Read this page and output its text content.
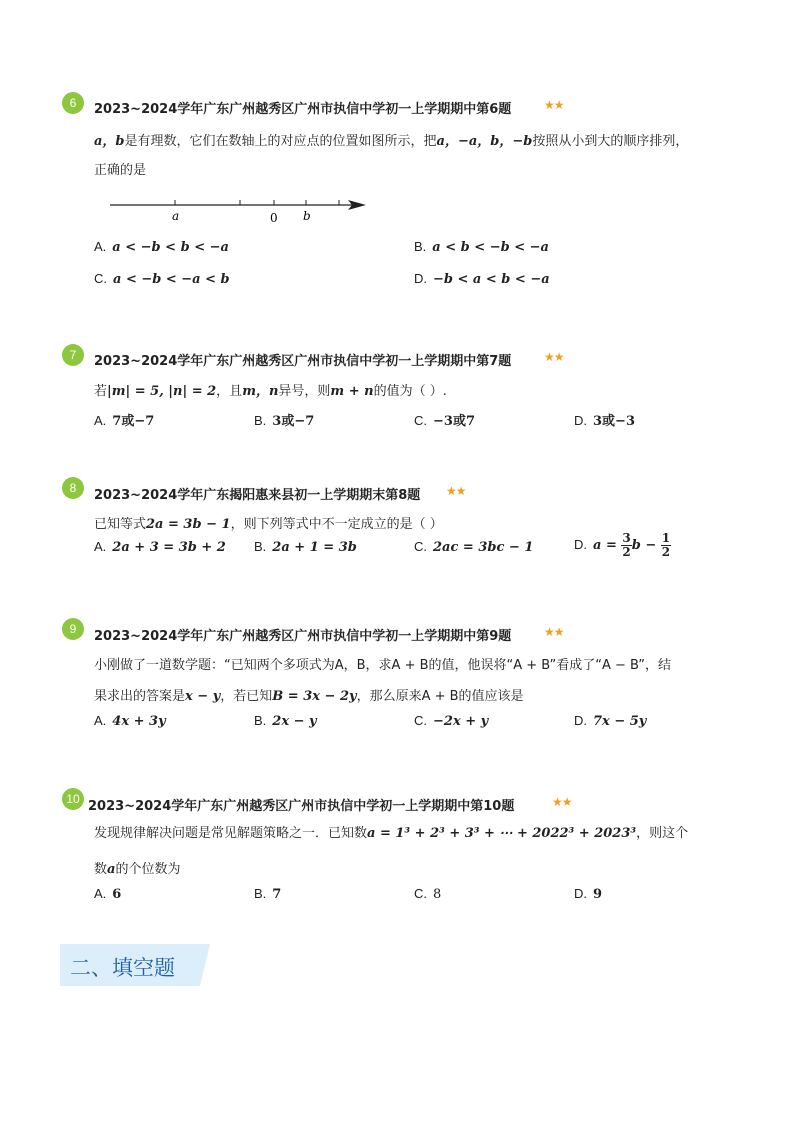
6	2023~2024学年广东广州越秀区广州市执信中学初一上学期期中第6题	★★
a，b是有理数，它们在数轴上的对应点的位置如图所示，把a，−a，b，−b按照从小到大的顺序排列，
正确的是
a	0 b
A. a < −b < b < −a	B. a < b < −b < −a
C. a < −b < −a < b	D. −b < a < b < −a
7	2023~2024学年广东广州越秀区广州市执信中学初一上学期期中第7题	★★
若|m| = 5, |n| = 2，且m，n异号，则m + n的值为（ ）.
A. 7或−7	B. 3或−7	C. −3或7	D. 3或−3
8	2023~2024学年广东揭阳惠来县初一上学期期末第8题 ★★
已知等式2a = 3b − 1，则下列等式中不一定成立的是（ ）
A. 2a + 3 = 3b + 2 B. 2a + 1 = 3b	C. 2ac = 3bc − 1	D. $a = \frac{3}{2}$ $b - \frac{1}{2}$
9	2023~2024学年广东广州越秀区广州市执信中学初一上学期期中第9题	★★
小刚做了一道数学题：“已知两个多项式为A，B，求A + B的值，他误将“A + B”看成了“A − B”，结
果求出的答案是x − y，若已知B = 3x − 2y，那么原来A + B的值应该是
A. 4x + 3y	B. 2x − y	C. −2x + y	D. 7x − 5y
10 2023~2024学年广东广州越秀区广州市执信中学初一上学期期中第10题	★★
发现规律解决问题是常见解题策略之一．已知数a = 1³ + 2³ + 3³ + ⋯ + 2022³ + 2023³，则这个
数a的个位数为
A. 6	B. 7	C. 8	D. 9
二、填空题
